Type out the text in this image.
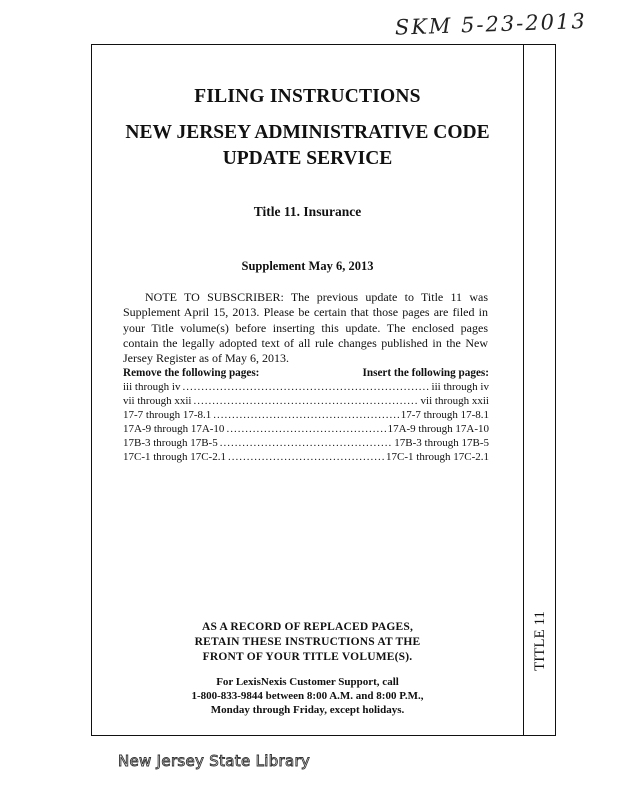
SKM 5-23-2013
TITLE 11
FILING INSTRUCTIONS
NEW JERSEY ADMINISTRATIVE CODE
UPDATE SERVICE
Title 11. Insurance
Supplement May 6, 2013
NOTE TO SUBSCRIBER: The previous update to Title 11 was Supplement April 15, 2013. Please be certain that those pages are filed in your Title volume(s) before inserting this update. The enclosed pages contain the legally adopted text of all rule changes published in the New Jersey Register as of May 6, 2013.
Remove the following pages:	Insert the following pages:
iii through iv .....	iii through iv
vii through xxii .....	vii through xxii
17-7 through 17-8.1 .....	17-7 through 17-8.1
17A-9 through 17A-10 .....	17A-9 through 17A-10
17B-3 through 17B-5 .....	17B-3 through 17B-5
17C-1 through 17C-2.1 .....	17C-1 through 17C-2.1
AS A RECORD OF REPLACED PAGES,
RETAIN THESE INSTRUCTIONS AT THE
FRONT OF YOUR TITLE VOLUME(S).
For LexisNexis Customer Support, call
1-800-833-9844 between 8:00 A.M. and 8:00 P.M.,
Monday through Friday, except holidays.
New Jersey State Library
